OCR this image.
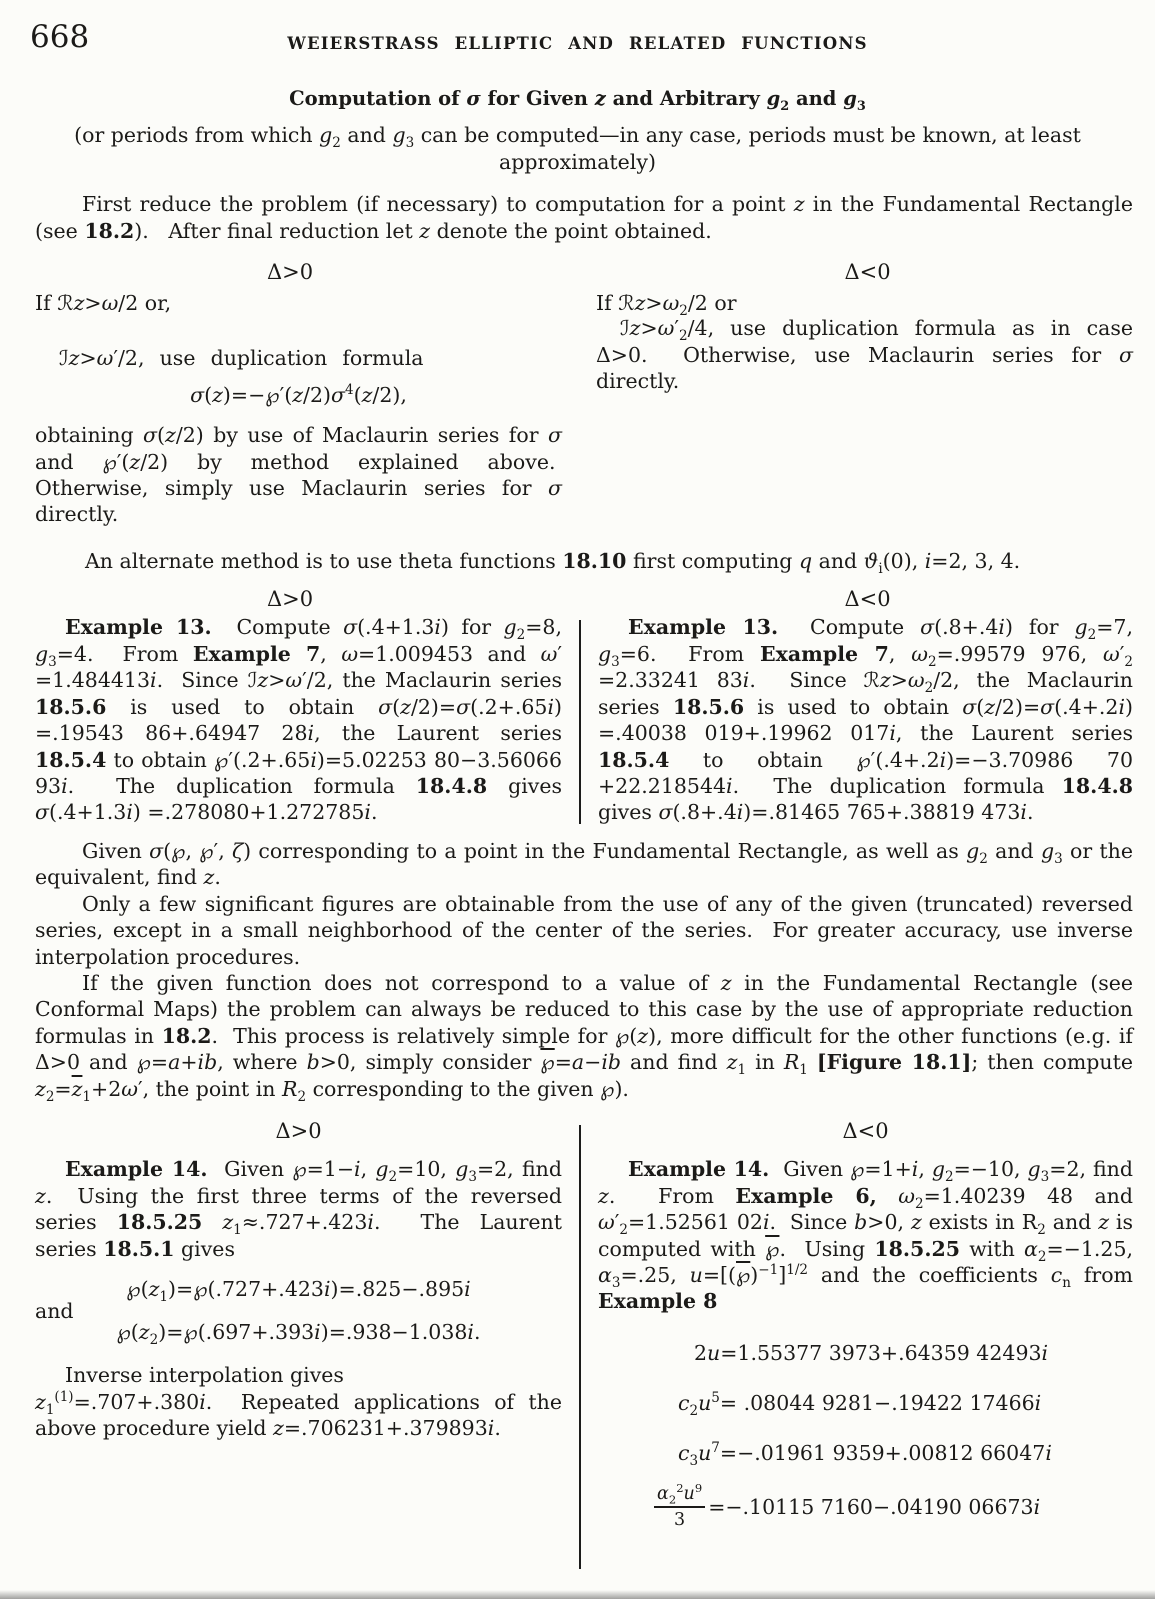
668	WEIERSTRASS ELLIPTIC AND RELATED FUNCTIONS
Computation of σ for Given z and Arbitrary $g_2$ and $g_3$
(or periods from which $g_2$ and $g_3$ can be computed—in any case, periods must be known, at least approximately)

First reduce the problem (if necessary) to computation for a point z in the Fundamental Rectangle (see 18.2).   After final reduction let z denote the point obtained.

Δ>0	Δ<0
If ℛz>ω/2 or,
ℐz>ω′/2, use duplication formula
$\sigma(z)=-℘'(z/2)\sigma^4(z/2)$,

obtaining σ(z/2) by use of Maclaurin series for σ and ℘′(z/2) by method explained above.  Otherwise, simply use Maclaurin series for σ directly.

If $ℛz>\omega_2/2$ or

$ℐz>\omega'_2/4$, use duplication formula as in case Δ>0.  Otherwise, use Maclaurin series for σ directly.

An alternate method is to use theta functions 18.10 first computing q and $ϑ_i(0)$, i=2, 3, 4.

Δ>0	Δ<0

Example 13.  Compute σ(.4+1.3i) for $g_2=8$, $g_3=4$.  From Example 7, ω=1.009453 and ω′ =1.484413i.  Since ℐz>ω′/2, the Maclaurin series 18.5.6 is used to obtain σ(z/2)=σ(.2+.65i) =.19543 86+.64947 28i, the Laurent series 18.5.4 to obtain ℘′(.2+.65i)=5.02253 80−3.56066 93i.  The duplication formula 18.4.8 gives σ(.4+1.3i) =.278080+1.272785i.

Example 13.  Compute σ(.8+.4i) for $g_2=7$, $g_3=6$.  From Example 7, $\omega_2=.99579$ 976, $\omega'_2 =2.33241$ 83i.  Since $ℛz>\omega_2/2$, the Maclaurin series 18.5.6 is used to obtain σ(z/2)=σ(.4+.2i) =.40038 019+.19962 017i, the Laurent series 18.5.4 to obtain ℘′(.4+.2i)=−3.70986 70 +22.218544i.  The duplication formula 18.4.8 gives σ(.8+.4i)=.81465 765+.38819 473i.

Given σ(℘, ℘′, ζ) corresponding to a point in the Fundamental Rectangle, as well as $g_2$ and $g_3$ or the equivalent, find z.

Only a few significant figures are obtainable from the use of any of the given (truncated) reversed series, except in a small neighborhood of the center of the series.  For greater accuracy, use inverse interpolation procedures.

If the given function does not correspond to a value of z in the Fundamental Rectangle (see Conformal Maps) the problem can always be reduced to this case by the use of appropriate reduction formulas in 18.2.  This process is relatively simple for ℘(z), more difficult for the other functions (e.g. if Δ>0 and ℘=a+ib, where b>0, simply consider ℘=a−ib and find $z_1$ in $R_1$ [Figure 18.1]; then compute $z_2=\overline{z}_1+2\omega'$, the point in $R_2$ corresponding to the given ℘).

Δ>0

Example 14.  Given ℘=1−i, $g_2=10$, $g_3=2$, find z.  Using the first three terms of the reversed series 18.5.25 $z_1\approx.727+.423i$.  The Laurent series 18.5.1 gives

$℘(z_1)=℘(.727+.423i)=.825-.895i$
and
$℘(z_2)=℘(.697+.393i)=.938-1.038i$.

Inverse interpolation gives
$z_1^{(1)}=.707+.380i$.  Repeated applications of the above procedure yield z=.706231+.379893i.

Δ<0

Example 14.  Given ℘=1+i, $g_2=-10$, $g_3=2$, find z.  From Example 6, $\omega_2=1.40239$ 48 and $\omega'_2=1.52561$ 02i.  Since b>0, z exists in $R_2$ and z is computed with ℘.  Using 18.5.25 with $\alpha_2=-1.25$, $\alpha_3=.25$, u=[(℘)$^{-1}$]$^{1/2}$ and the coefficients $c_n$ from Example 8

2u=1.55377 3973+.64359 42493i
$c_2u^5= .08044$ 9281−.19422 17466i
$c_3u^7=-.01961$ 9359+.00812 66047i
$\frac{\alpha_2^2u^9}{3} =-.10115$ 7160−.04190 06673i
